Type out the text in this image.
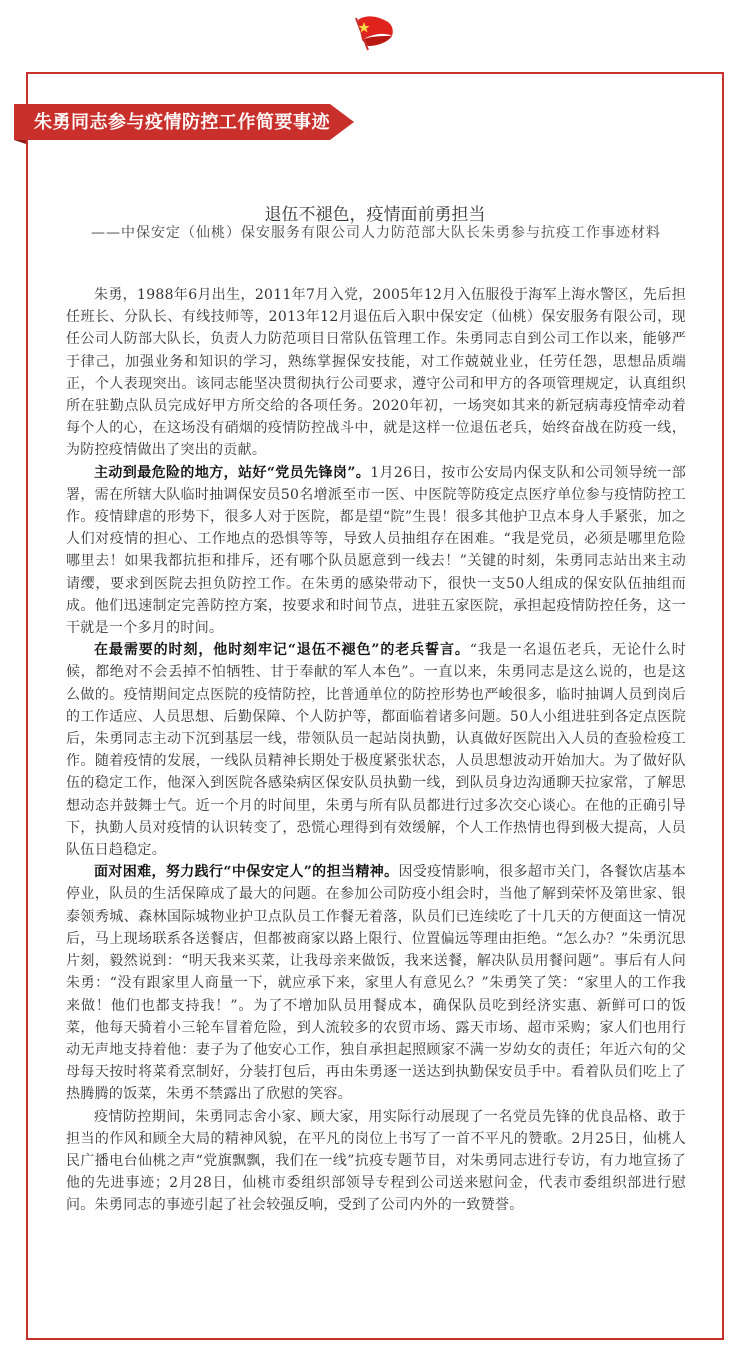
朱勇同志参与疫情防控工作简要事迹
退伍不褪色，疫情面前勇担当
——中保安定（仙桃）保安服务有限公司人力防范部大队长朱勇参与抗疫工作事迹材料

朱勇，1988年6月出生，2011年7月入党，2005年12月入伍服役于海军上海水警区，先后担任班长、分队长、有线技师等，2013年12月退伍后入职中保安定（仙桃）保安服务有限公司，现任公司人防部大队长，负责人力防范项目日常队伍管理工作。朱勇同志自到公司工作以来，能够严于律己，加强业务和知识的学习，熟练掌握保安技能，对工作兢兢业业，任劳任怨，思想品质端正，个人表现突出。该同志能坚决贯彻执行公司要求，遵守公司和甲方的各项管理规定，认真组织所在驻勤点队员完成好甲方所交给的各项任务。2020年初，一场突如其来的新冠病毒疫情牵动着每个人的心，在这场没有硝烟的疫情防控战斗中，就是这样一位退伍老兵，始终奋战在防疫一线，为防控疫情做出了突出的贡献。

主动到最危险的地方，站好“党员先锋岗”。1月26日，按市公安局内保支队和公司领导统一部署，需在所辖大队临时抽调保安员50名增派至市一医、中医院等防疫定点医疗单位参与疫情防控工作。疫情肆虐的形势下，很多人对于医院，都是望“院”生畏！很多其他护卫点本身人手紧张，加之人们对疫情的担心、工作地点的恐惧等等，导致人员抽组存在困难。“我是党员，必须是哪里危险哪里去！如果我都抗拒和排斥，还有哪个队员愿意到一线去！”关键的时刻，朱勇同志站出来主动请缨，要求到医院去担负防控工作。在朱勇的感染带动下，很快一支50人组成的保安队伍抽组而成。他们迅速制定完善防控方案，按要求和时间节点，进驻五家医院，承担起疫情防控任务，这一干就是一个多月的时间。

在最需要的时刻，他时刻牢记“退伍不褪色”的老兵誓言。“我是一名退伍老兵，无论什么时候，都绝对不会丢掉不怕牺牲、甘于奉献的军人本色”。一直以来，朱勇同志是这么说的，也是这么做的。疫情期间定点医院的疫情防控，比普通单位的防控形势也严峻很多，临时抽调人员到岗后的工作适应、人员思想、后勤保障、个人防护等，都面临着诸多问题。50人小组进驻到各定点医院后，朱勇同志主动下沉到基层一线，带领队员一起站岗执勤，认真做好医院出入人员的查验检疫工作。随着疫情的发展，一线队员精神长期处于极度紧张状态，人员思想波动开始加大。为了做好队伍的稳定工作，他深入到医院各感染病区保安队员执勤一线，到队员身边沟通聊天拉家常，了解思想动态并鼓舞士气。近一个月的时间里，朱勇与所有队员都进行过多次交心谈心。在他的正确引导下，执勤人员对疫情的认识转变了，恐慌心理得到有效缓解，个人工作热情也得到极大提高，人员队伍日趋稳定。

面对困难，努力践行“中保安定人”的担当精神。因受疫情影响，很多超市关门，各餐饮店基本停业，队员的生活保障成了最大的问题。在参加公司防疫小组会时，当他了解到荣怀及第世家、银泰领秀城、森林国际城物业护卫点队员工作餐无着落，队员们已连续吃了十几天的方便面这一情况后，马上现场联系各送餐店，但都被商家以路上限行、位置偏远等理由拒绝。“怎么办？”朱勇沉思片刻，毅然说到：“明天我来买菜，让我母亲来做饭，我来送餐，解决队员用餐问题”。事后有人问朱勇：“没有跟家里人商量一下，就应承下来，家里人有意见么？”朱勇笑了笑：“家里人的工作我来做！他们也都支持我！”。为了不增加队员用餐成本，确保队员吃到经济实惠、新鲜可口的饭菜，他每天骑着小三轮车冒着危险，到人流较多的农贸市场、露天市场、超市采购；家人们也用行动无声地支持着他：妻子为了他安心工作，独自承担起照顾家不满一岁幼女的责任；年近六旬的父母每天按时将菜肴烹制好，分装打包后，再由朱勇逐一送达到执勤保安员手中。看着队员们吃上了热腾腾的饭菜，朱勇不禁露出了欣慰的笑容。

疫情防控期间，朱勇同志舍小家、顾大家，用实际行动展现了一名党员先锋的优良品格、敢于担当的作风和顾全大局的精神风貌，在平凡的岗位上书写了一首不平凡的赞歌。2月25日，仙桃人民广播电台仙桃之声“党旗飘飘，我们在一线”抗疫专题节目，对朱勇同志进行专访，有力地宣扬了他的先进事迹；2月28日，仙桃市委组织部领导专程到公司送来慰问金，代表市委组织部进行慰问。朱勇同志的事迹引起了社会较强反响，受到了公司内外的一致赞誉。
